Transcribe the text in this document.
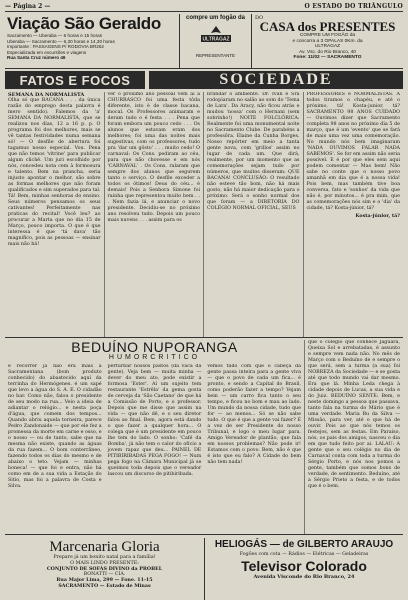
— Página 2 —	O ESTADO DO TRIÂNGULO
Viação São Geraldo
Sacramento — Uberaba — 6 horas e 15 horas
Uberaba — Sacramento — 6,30 horas e 14,30 horas
Importante : PASSAGENS P/ RODOVIA BR262
Especializada em excursões e viagens
Rua Santa Cruz número 46
compre um fogão da
ULTRAGAZ
REPRESENTANTE
DO
CASA dos PRESENTES
COMPRE UM FOGÃO da
e concorra a 3 OPALAS 0Km. da
ULTRAGAZ
Av. Vsc. do Rio Branco, 40
Fone: 11/02 — SACRAMENTO
FATOS E FOCOS	SOCIEDADE
SEMANA DA NORMALISTA

Olha só que BACANA . . . da única razão do emprego desta palavra é mero sentido). Falemos da 'a' SEMANA DA NORMALISTA, que se realizou nos dias, 12 a 16 p. p. O programa foi dos melhores, mais se vê tantas festividades numa semana só! — O desfile de abertura foi tagamus nosso especial. Vou. Pena que não temos 'vitrine' para publicar algum clichê. Um juri escolhido por nós, concedeu nota cem à formosura e talento. Bem na prancha, seria injusto apontar o melhor, são sobre as formas melhores que não foram qualificados e sim superados para tal. Tá! Bem, minhas senhoras do ensino. Seus números pensamos os seus cativantes! Perfeitamente nas praticas do recital! Você leu? ao procurar a Marta que no dia 15 de Março, pouco importa. O que é que interessa é que 'tá dava' tão magnífico, pois as pessoas — ensinar mais não há!

ver o próximo ano pessoal vem aí a CHURRASCO foi uma festa tôda diferente, isto é de classe bacana, mocal. Os Professores animaram e deram tudo o é festa . . . Pena que foram embora um pouco cedo . . . Os alunos que estavam eram dos melhores; foi uma das noites mais sugestivas, com os professores, tudo pra 'dar um gôsto' . . . muito cedo! O carnaval: Os Cons. pediram ao céu, para que não chovesse e em nós 'CARNAVAL' . Os Cons. ralaram que sempre dos alunos que segurem tanto o serviço. O desfile exceder a todos os ótimos! Deus do céu... é demais! Pois a Senhora Simone foi rainha que representou muito bem . . . Nem fazia lá, e anunciar o novo presidente. Decidiu-se no próximo ano resolveu tudo. Depois um pouco mais nuvens . . . assim para os

brandar o ambiente. Dr. Ivan e Sra rodopiaram no salão ao som do 'Tema de Lara'. Da Aracy, não ficou atrás e mudou 'nossa' com o Hernani (sem sobrinho!) NOITE FOLCLÓRICA: Realmente foi uma monumental noite no Sacramento Clube. De parabéns a professôra. Elaine da Cunha Borges. Nosso repórter em meio a tanta gente nova, com 'grillos' assim no lugar de cada um. Que dirá, realmente, por um momento que as comemorações sejam tudo por números, que muitos disseram: QUE BACANA! CONCLUSÃO: O resultado não esteve tão bom, não há mais gosto, não há maior dedicação para o próximo. Será o sonho normal dos que foram — a DIRETORIA DO COLÉGIO NORMAL OFICIAL, SEUS

PROFESSORES e NORMALISTAS. A todos tiramos o chapéu, e até o próximo, tá! Kosta-junior, tá? SACRAMENTO 98 ANOS CUIDADO — Ouvimos dizer que Sacramento completa 98 anos no próximo dia 5 de março, que é um 'evento' que se fará de mais uma vez uma comemoração. No mundo nós bem imaginaram 'NADA OUVIMOS FALAR NADA SABEMOS'. Se for em assim não seria possível. E é por que eles sem aqui podem comentar — Mas bem! Não sabe no conte que o nosso povo amanhã em dia que é a nossa vida! Pois bem, mas também tive boa conversa, fato e 'sonhos' da vida que não é, por minutos... é pra mim, que as comemorações nós sim e o 'dia' da cidade, tá? Kosta-júnior, tá?

Kosta-júnior, tá?

BEDUÍNO NUPORANGA
HUMORCRITICO
e recorrer já não era mais a Sacramentana (bom produto conhecido) do abastecido aquí da terrinha do Hermógenes. é um sapé que levo a água do S. A. E. O cidadão no bar. Como não, falou o presidente de seu modo na rua... Veio a ideia de adiantar o relógio... e nesta poça d'água, que comem dos tempos... Quando abriu aquela torneira, parece Pedro Zandonaide — que por ele fez a promessa da morte em carne e osso, e o nosso — ou de tanto, sabe que na mesma não existe, quando as águas da rua fazem... O bom conterrâneo, fazendo todos os dias do mesmo e de abaixo o teto. Vejam — minhas boneca! — que foi e entra, não há como em de a sua vida a Estação do Sitio, mas foi a palavra de Costa e Silva.
perturbar nossos pastos (da vaca da gente). Veja bem — muita minha — dever do meu ato, pode existir a formosa 'Ester'. Aí um sujeito tem restaurante 'Estrêla' da gema gosta de cerveja da 'São Caetano' de que há a Comissão de Porto, e o professor. Depois que me disse que assim na vida — que não dê, e o seu diretor falou ao final. Bem, agora está dando o que fazer a qualquer hora... O colega que é um presidente em pouco lhe tem do lado. O sonho: 'Café da Bomba', já não tem o calor do ofício a jovem rapaz que deu... PAINEL DE PITIBIRIBADAS PEGA FOGO! — Num pega fogo na Câmara Municipal já se queimou toda depois que o vereador lascou um discurso de pitibiribada.
vemos tudo com que o cabeça da gente passa inteira para a gente viva — que o povo de cada um fica... é pronto, e sendo a Capital do Brasil, como poderão fazer a tempo? Vejam bem — um carro fica tanto o seu tempo, e ficou no bom e mau ao lado. Um mundo da nossa cidade, tudo que for — ao menos... Só se não sabe tudo. O que é que a gente vai fazer? É a vez de ser Presidente do nosso Tribunal, e logo o meu lugar para. Amigo Vereador de plantão, que fala em nossos problemas? Não pode ir! Estamos com o povo. Bem, não é que é isto que eu falo? A Cidade do bem não tem nada!
que o colégio que conhece Jaguara, Queixa Sol e arrebatadas, é assunto e sempre vem nada não. No mês de Março com o Beduíno de e sempre o que será, sem a turma (a sua) foi NOBREZA da Sociedade — e se gosta até que todo mundo vai dar mesmo. Era que lá. Minha Leda chega à cidade depois de Lucas, a sua vida e do Juiz. BEDUÍNO SENTE: Bem, e neste domingo a pessoa que passava, tanto fala na turma do Mário que é uma verdade. Maria Bu da Silva — Missão, para ver, até o que há de ouvir. Pois ao que nós temos os festejos, sem as festas. Em Paraíso, nós, os pais dos amigos, nasceu o dia em que tudo feito por ai. LALAU: A gente que o seu colégio no dia de Carnaval conta com toda a turma do Sérgio Porto, e nós nos pomos a gente, também que somos bons de verdade, de sentimento. Beduíno, até a Sérgio Prieto a festa, e de todos que é o bem.
Marcenaria Gloria
Prepare já um bonito natal para a família!
O MAIS LINDO PRESENTE:
CONJUNTO DE SOFÁS DIVINO da PROBEL
BONATTI — CIA.
Rua Major Lima, 299 — Fone. 11-15
SACRAMENTO — Estado de Minas
HELIOGÁS — de GILBERTO ARAUJO
Fogões com cota — Rádios — Elétricas — Geladeiras
Televisor Colorado
Avenida Visconde do Rio Branco, 24
